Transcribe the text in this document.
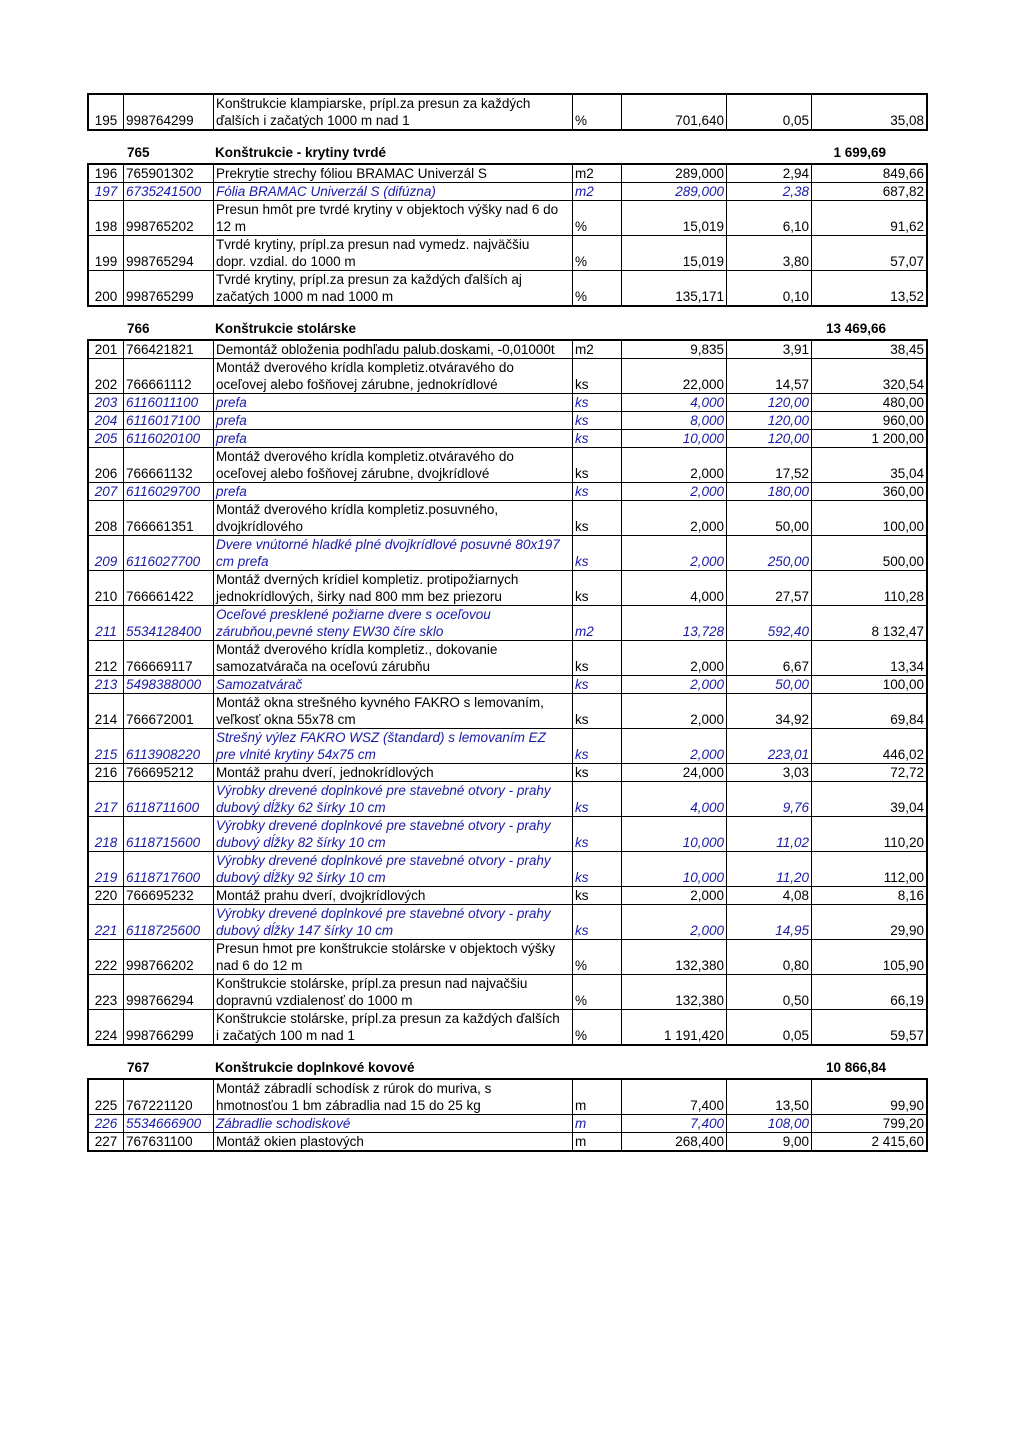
195	998764299	
Konštrukcie klampiarske, prípl.za presun za každých
ďalších i začatých 1000 m nad 1	%	701,640	0,05	35,08
765	Konštrukcie - krytiny tvrdé	1 699,69
196	765901302	Prekrytie strechy fóliou BRAMAC Univerzál S	m2	289,000	2,94	849,66
197	6735241500	Fólia BRAMAC Univerzál S (difúzna)	m2	289,000	2,38	687,82
198	998765202	Presun hmôt pre tvrdé krytiny v objektoch výšky nad 6 do
12 m	%	15,019	6,10	91,62
199	998765294	Tvrdé krytiny, prípl.za presun nad vymedz. najväčšiu
dopr. vzdial. do 1000 m	%	15,019	3,80	57,07
200	998765299	Tvrdé krytiny, prípl.za presun za každých ďalších aj
začatých 1000 m nad 1000 m	%	135,171	0,10	13,52
766	Konštrukcie stolárske	13 469,66
201	766421821	Demontáž obloženia podhľadu palub.doskami, -0,01000t	m2	9,835	3,91	38,45
202	766661112	Montáž dverového krídla kompletiz.otváravého do
oceľovej alebo fošňovej zárubne, jednokrídlové	ks	22,000	14,57	320,54
203	6116011100	prefa	ks	4,000	120,00	480,00
204	6116017100	prefa	ks	8,000	120,00	960,00
205	6116020100	prefa	ks	10,000	120,00	1 200,00
206	766661132	Montáž dverového krídla kompletiz.otváravého do
oceľovej alebo fošňovej zárubne, dvojkrídlové	ks	2,000	17,52	35,04
207	6116029700	prefa	ks	2,000	180,00	360,00
208	766661351	Montáž dverového krídla kompletiz.posuvného,
dvojkrídlového	ks	2,000	50,00	100,00
209	6116027700	Dvere vnútorné hladké plné dvojkrídlové posuvné 80x197
cm prefa	ks	2,000	250,00	500,00
210	766661422	Montáž dverných krídiel kompletiz. protipožiarnych
jednokrídlových, širky nad 800 mm bez priezoru	ks	4,000	27,57	110,28
211	5534128400	Oceľové presklené požiarne dvere s oceľovou
zárubňou,pevné steny EW30 číre sklo	m2	13,728	592,40	8 132,47
212	766669117	Montáž dverového krídla kompletiz., dokovanie
samozatvárača na oceľovú zárubňu	ks	2,000	6,67	13,34
213	5498388000	Samozatvárač	ks	2,000	50,00	100,00
214	766672001	Montáž okna strešného kyvného FAKRO s lemovaním,
veľkosť okna 55x78 cm	ks	2,000	34,92	69,84
215	6113908220	Strešný výlez FAKRO WSZ (štandard) s lemovaním EZ
pre vlnité krytiny 54x75 cm	ks	2,000	223,01	446,02
216	766695212	Montáž prahu dverí, jednokrídlových	ks	24,000	3,03	72,72
217	6118711600	Výrobky drevené doplnkové pre stavebné otvory - prahy
dubový dĺžky 62 šírky 10 cm	ks	4,000	9,76	39,04
218	6118715600	Výrobky drevené doplnkové pre stavebné otvory - prahy
dubový dĺžky 82 šírky 10 cm	ks	10,000	11,02	110,20
219	6118717600	Výrobky drevené doplnkové pre stavebné otvory - prahy
dubový dĺžky 92 šírky 10 cm	ks	10,000	11,20	112,00
220	766695232	Montáž prahu dverí, dvojkrídlových	ks	2,000	4,08	8,16
221	6118725600	Výrobky drevené doplnkové pre stavebné otvory - prahy
dubový dĺžky 147 šírky 10 cm	ks	2,000	14,95	29,90
222	998766202	Presun hmot pre konštrukcie stolárske v objektoch výšky
nad 6 do 12 m	%	132,380	0,80	105,90
223	998766294	Konštrukcie stolárske, prípl.za presun nad najvačšiu
dopravnú vzdialenosť do 1000 m	%	132,380	0,50	66,19
224	998766299	Konštrukcie stolárske, prípl.za presun za každých ďalších
i začatých 100 m nad 1	%	1 191,420	0,05	59,57
767	Konštrukcie doplnkové kovové	10 866,84
225	767221120	Montáž zábradlí schodísk z rúrok do muriva, s
hmotnosťou 1 bm zábradlia nad 15 do 25 kg	m	7,400	13,50	99,90
226	5534666900	Zábradlie schodiskové	m	7,400	108,00	799,20
227	767631100	Montáž okien plastových	m	268,400	9,00	2 415,60
